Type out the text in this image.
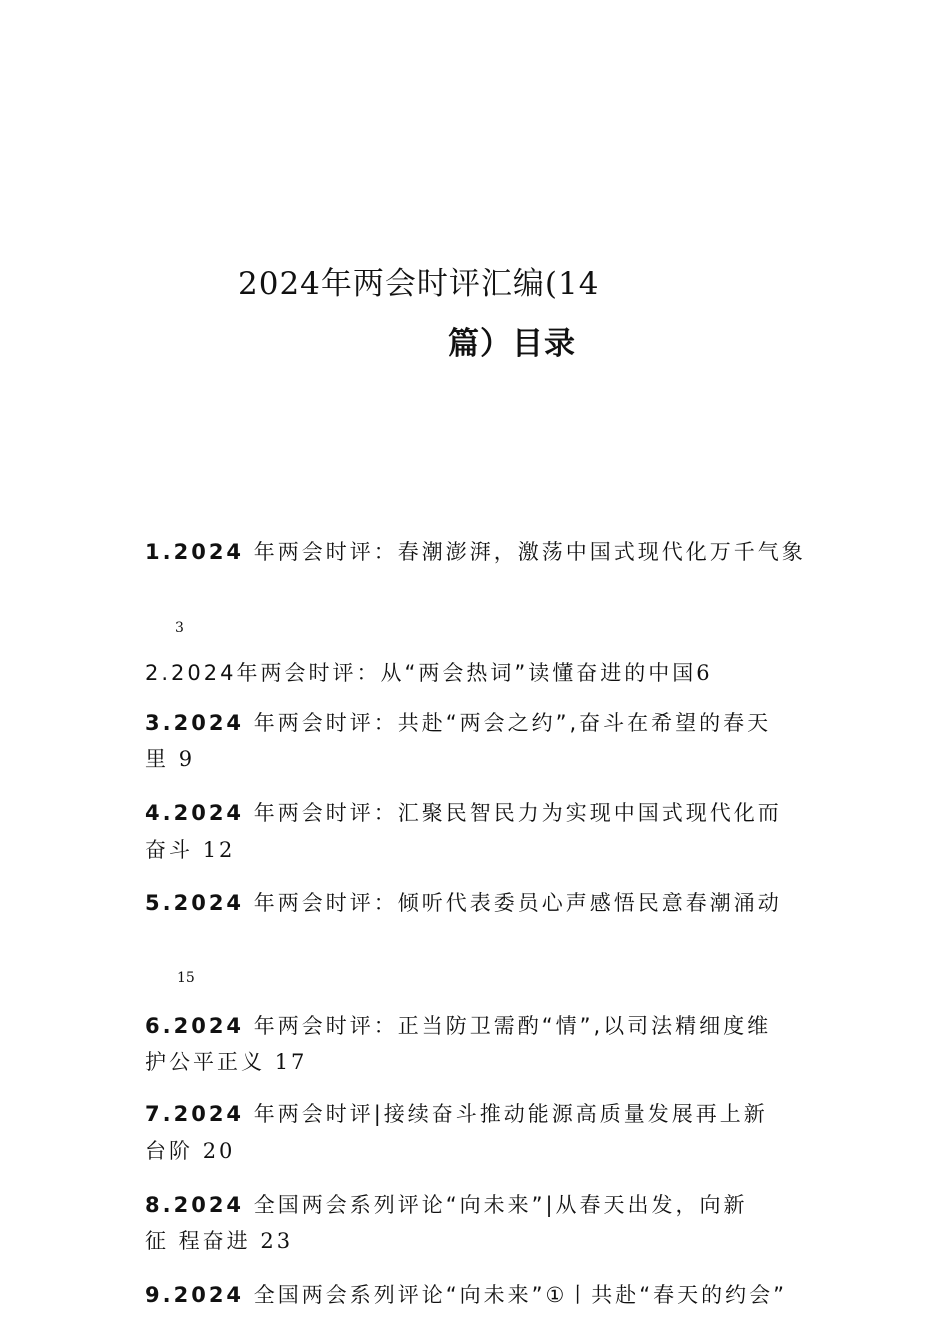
2024年两会时评汇编(14
篇）目录
1.2024 年两会时评：春潮澎湃，激荡中国式现代化万千气象
3
2.2024年两会时评：从“两会热词”读懂奋进的中国6
3.2024 年两会时评：共赴“两会之约”,奋斗在希望的春天
里 9
4.2024 年两会时评：汇聚民智民力为实现中国式现代化而
奋斗 12
5.2024 年两会时评：倾听代表委员心声感悟民意春潮涌动
15
6.2024 年两会时评：正当防卫需酌“情”,以司法精细度维
护公平正义 17
7.2024 年两会时评|接续奋斗推动能源高质量发展再上新
台阶 20
8.2024 全国两会系列评论“向未来”|从春天出发，向新
征 程奋进 23
9.2024 全国两会系列评论“向未来”①丨共赴“春天的约会”
